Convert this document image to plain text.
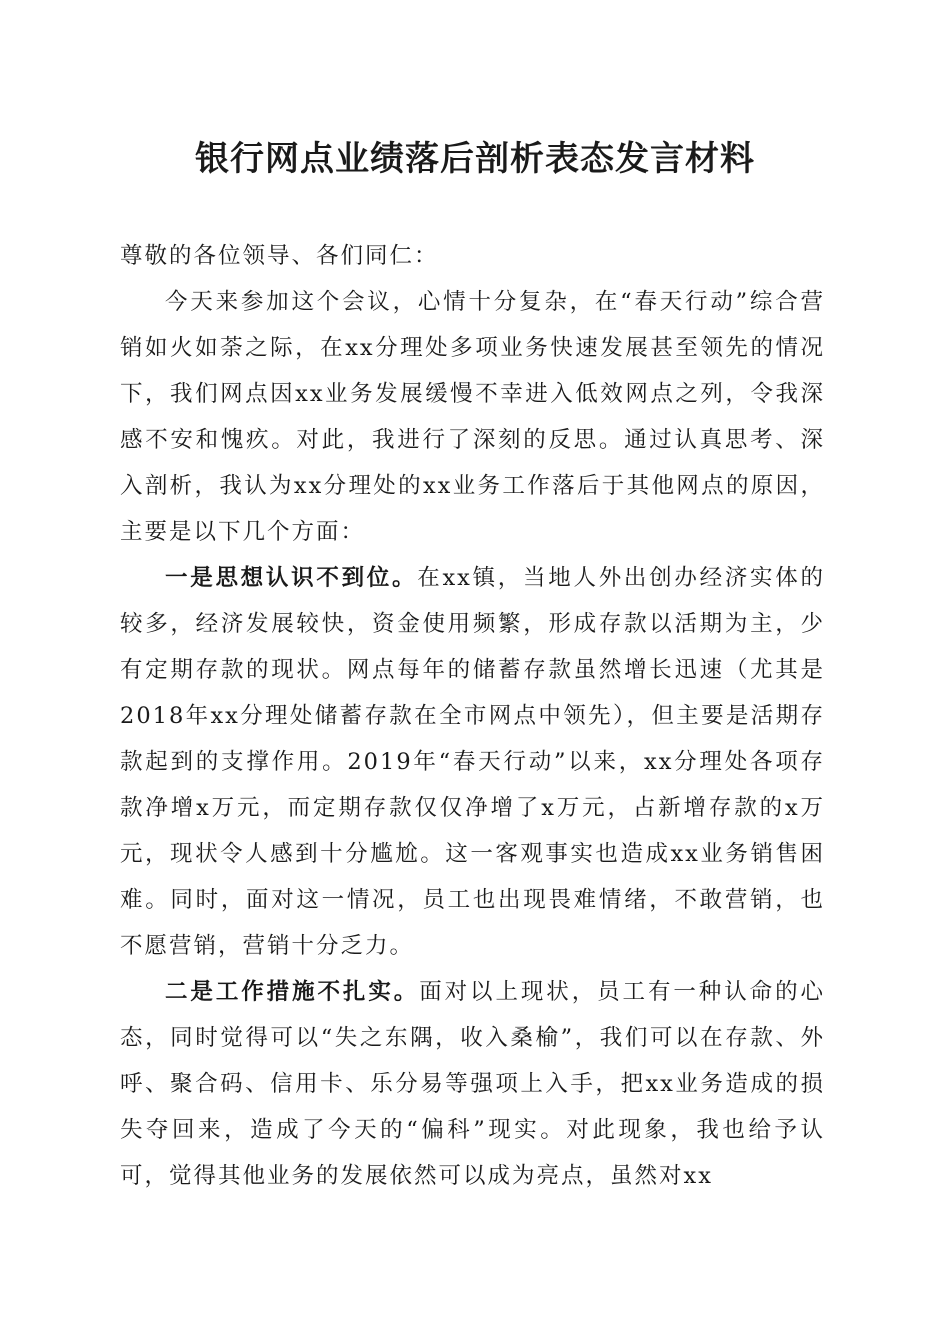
银行网点业绩落后剖析表态发言材料

尊敬的各位领导、各们同仁：

今天来参加这个会议，心情十分复杂，在“春天行动”综合营销如火如荼之际，在xx分理处多项业务快速发展甚至领先的情况下，我们网点因xx业务发展缓慢不幸进入低效网点之列，令我深感不安和愧疚。对此，我进行了深刻的反思。通过认真思考、深入剖析，我认为xx分理处的xx业务工作落后于其他网点的原因，主要是以下几个方面：

一是思想认识不到位。在xx镇，当地人外出创办经济实体的较多，经济发展较快，资金使用频繁，形成存款以活期为主，少有定期存款的现状。网点每年的储蓄存款虽然增长迅速（尤其是2018年xx分理处储蓄存款在全市网点中领先），但主要是活期存款起到的支撑作用。2019年“春天行动”以来，xx分理处各项存款净增x万元，而定期存款仅仅净增了x万元，占新增存款的x万元，现状令人感到十分尴尬。这一客观事实也造成xx业务销售困难。同时，面对这一情况，员工也出现畏难情绪，不敢营销，也不愿营销，营销十分乏力。

二是工作措施不扎实。面对以上现状，员工有一种认命的心态，同时觉得可以“失之东隅，收入桑榆”，我们可以在存款、外呼、聚合码、信用卡、乐分易等强项上入手，把xx业务造成的损失夺回来，造成了今天的“偏科”现实。对此现象，我也给予认可，觉得其他业务的发展依然可以成为亮点，虽然对xx
